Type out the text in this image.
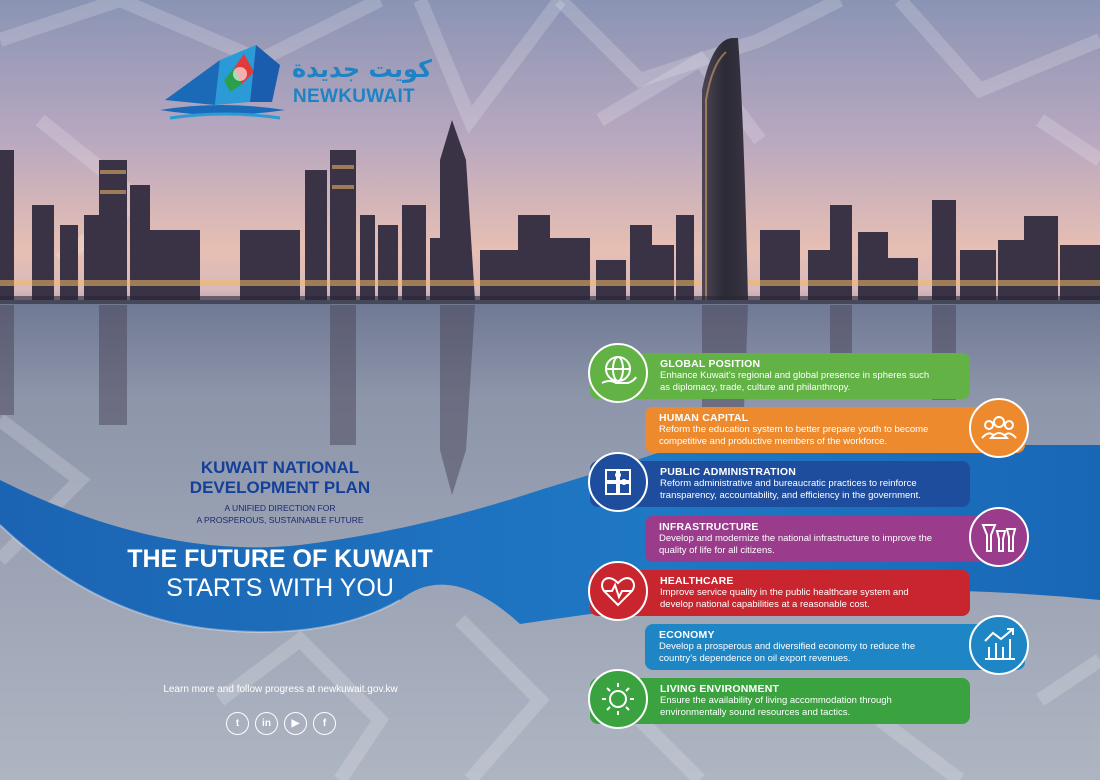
كويت جديدة
NEWKUWAIT
KUWAIT NATIONAL
DEVELOPMENT PLAN
A UNIFIED DIRECTION FOR
A PROSPEROUS, SUSTAINABLE FUTURE
THE FUTURE OF KUWAIT
STARTS WITH YOU
Learn more and follow progress at newkuwait.gov.kw
t	in	▶	f
GLOBAL POSITION
Enhance Kuwait’s regional and global presence in spheres such
as diplomacy, trade, culture and philanthropy.
HUMAN CAPITAL
Reform the education system to better prepare youth to become
competitive and productive members of the workforce.
PUBLIC ADMINISTRATION
Reform administrative and bureaucratic practices to reinforce
transparency, accountability, and efficiency in the government.
INFRASTRUCTURE
Develop and modernize the national infrastructure to improve the
quality of life for all citizens.
HEALTHCARE
Improve service quality in the public healthcare system and
develop national capabilities at a reasonable cost.
ECONOMY
Develop a prosperous and diversified economy to reduce the
country’s dependence on oil export revenues.
LIVING ENVIRONMENT
Ensure the availability of living accommodation through
environmentally sound resources and tactics.
